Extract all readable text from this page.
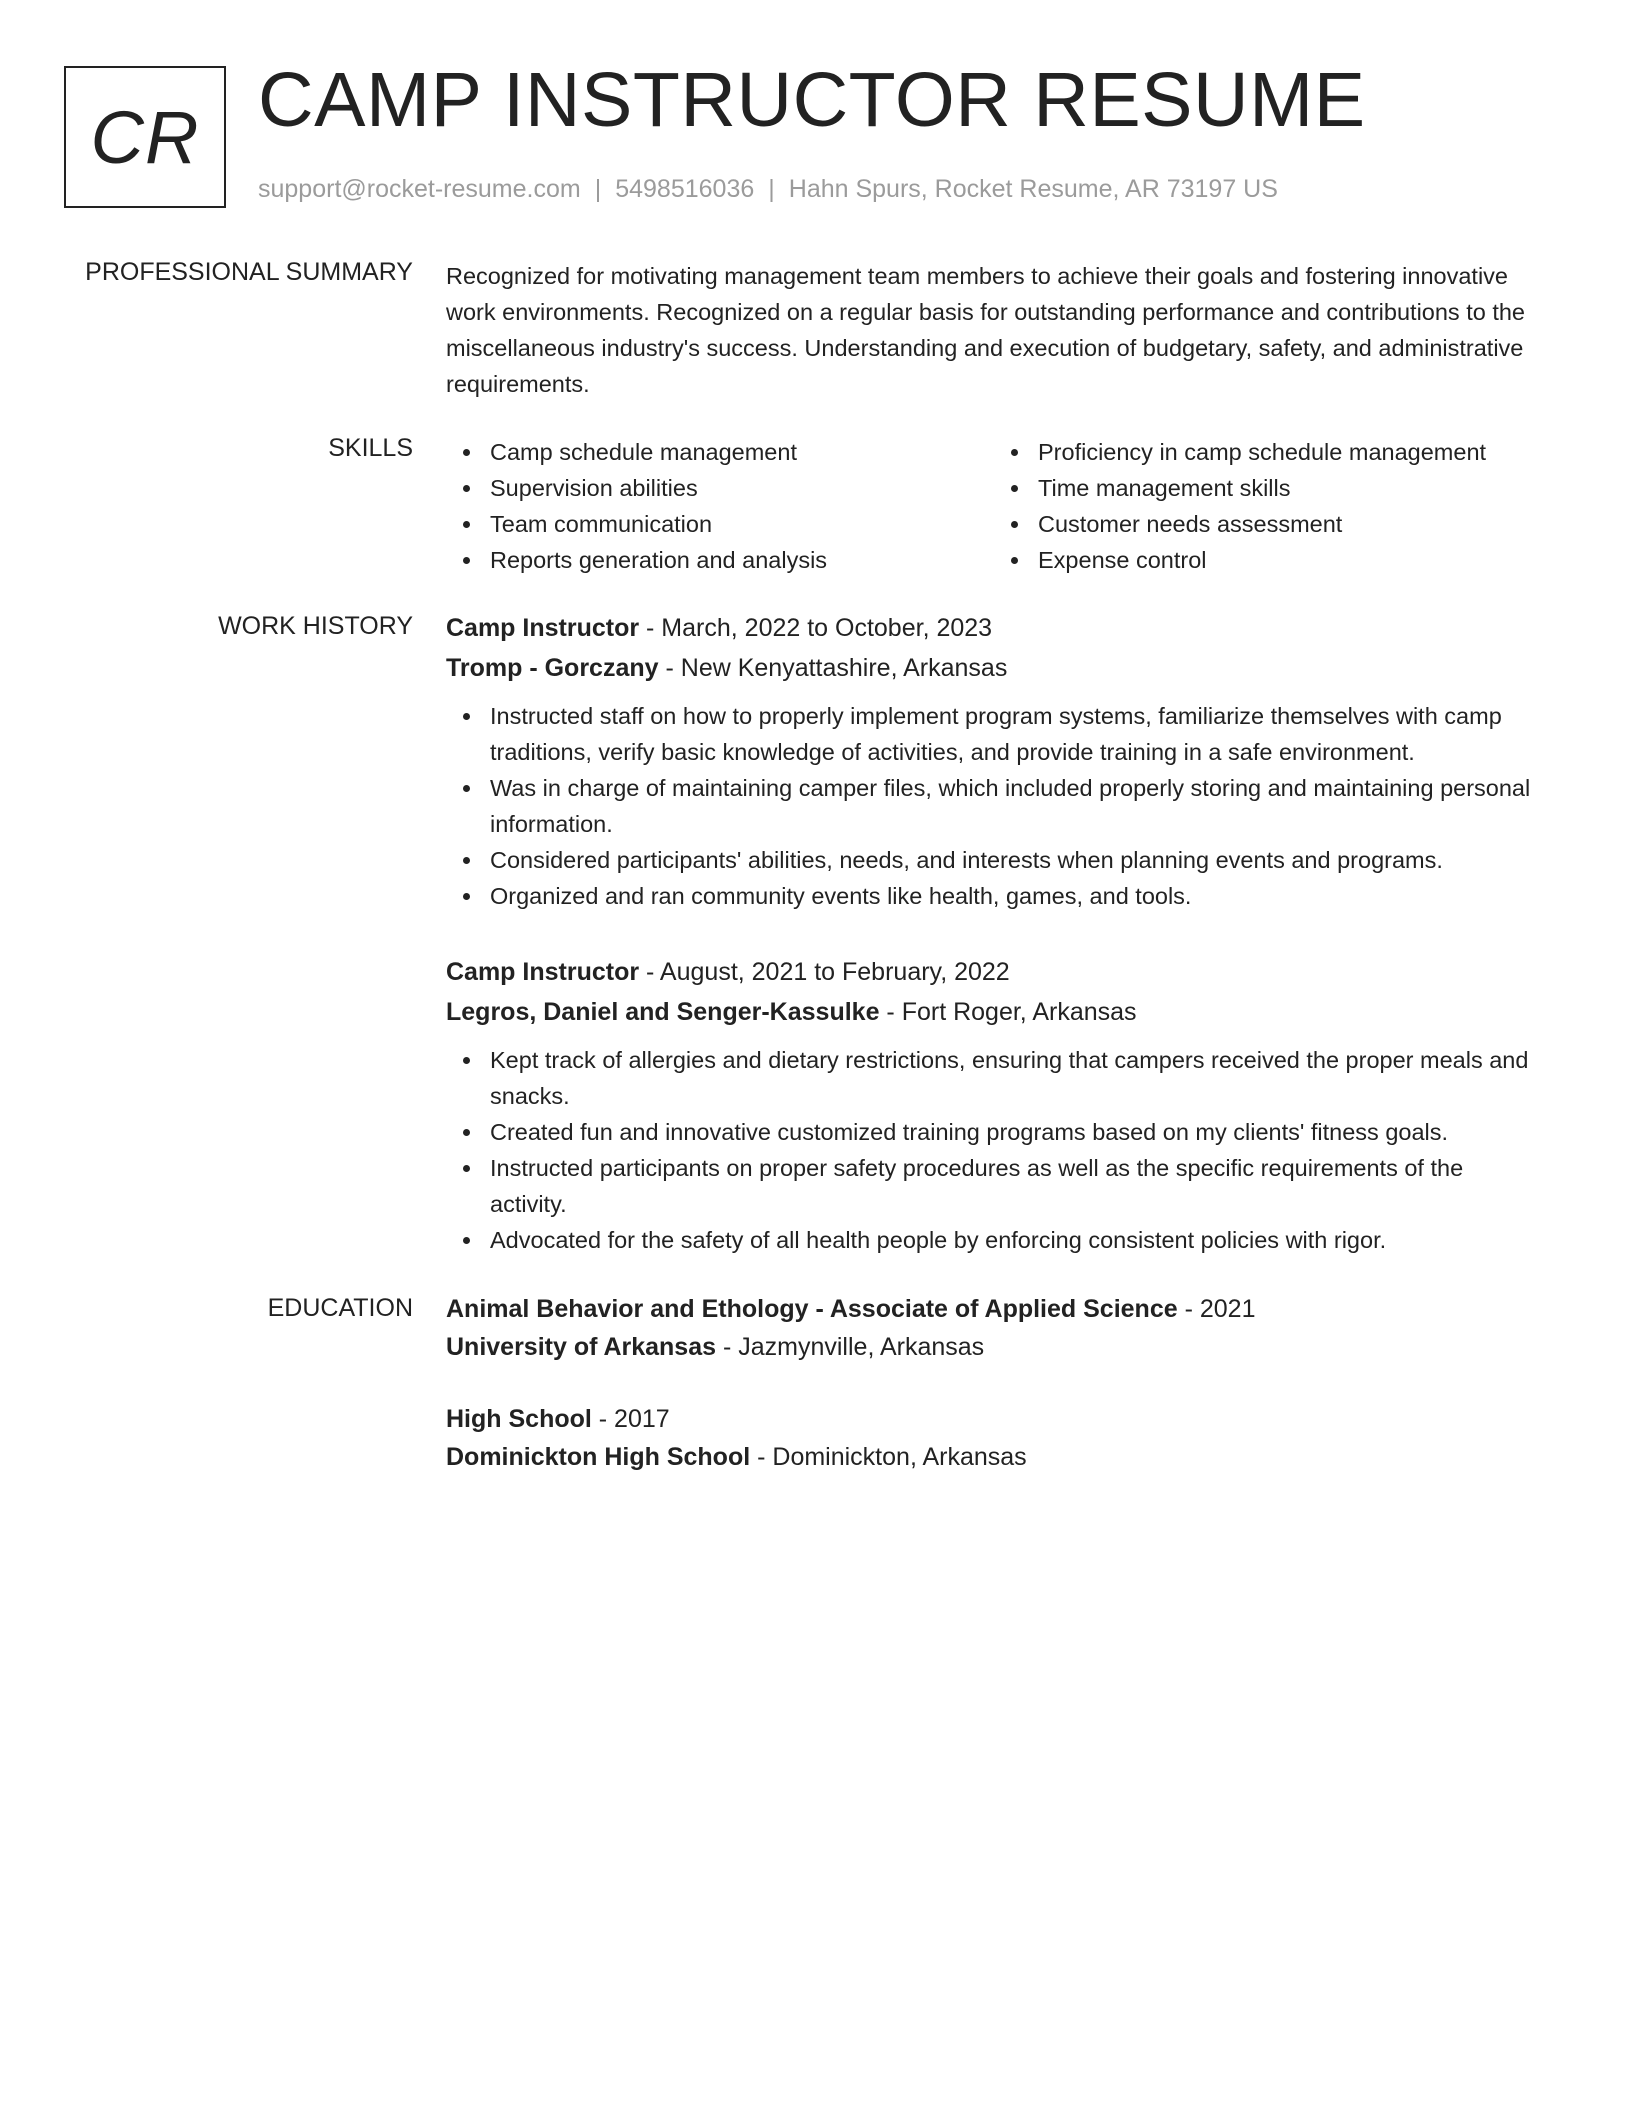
CR CAMP INSTRUCTOR RESUME
support@rocket-resume.com | 5498516036 | Hahn Spurs, Rocket Resume, AR 73197 US
PROFESSIONAL SUMMARY Recognized for motivating management team members to achieve their goals and fostering innovative work environments. Recognized on a regular basis for outstanding performance and contributions to the miscellaneous industry's success. Understanding and execution of budgetary, safety, and administrative requirements.

SKILLS	Camp schedule management
Supervision abilities
Team communication
Reports generation and analysis
Proficiency in camp schedule management
Time management skills
Customer needs assessment
Expense control
WORK HISTORY Camp Instructor - March, 2022 to October, 2023
Tromp - Gorczany - New Kenyattashire, Arkansas
Instructed staff on how to properly implement program systems, familiarize themselves with camp traditions, verify basic knowledge of activities, and provide training in a safe environment.
Was in charge of maintaining camper files, which included properly storing and maintaining personal information.
Considered participants' abilities, needs, and interests when planning events and programs.
Organized and ran community events like health, games, and tools.
Camp Instructor - August, 2021 to February, 2022
Legros, Daniel and Senger-Kassulke - Fort Roger, Arkansas
Kept track of allergies and dietary restrictions, ensuring that campers received the proper meals and snacks.
Created fun and innovative customized training programs based on my clients' fitness goals.
Instructed participants on proper safety procedures as well as the specific requirements of the activity.
Advocated for the safety of all health people by enforcing consistent policies with rigor.
EDUCATION Animal Behavior and Ethology - Associate of Applied Science - 2021
University of Arkansas - Jazmynville, Arkansas
High School - 2017
Dominickton High School - Dominickton, Arkansas
